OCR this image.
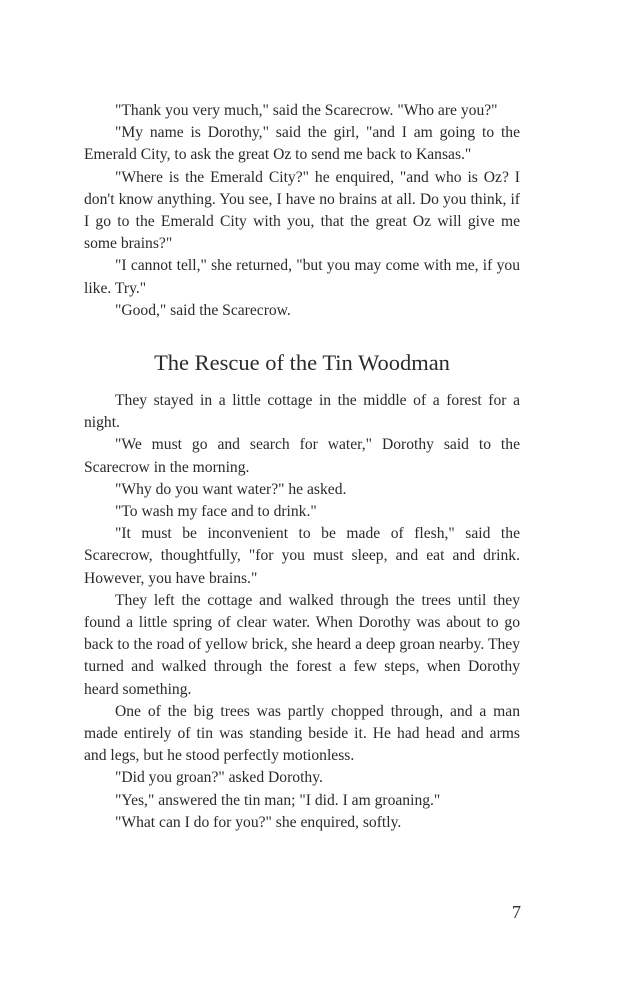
"Thank you very much," said the Scarecrow. "Who are you?"

"My name is Dorothy," said the girl, "and I am going to the Emerald City, to ask the great Oz to send me back to Kansas."

"Where is the Emerald City?" he enquired, "and who is Oz? I don't know anything. You see, I have no brains at all. Do you think, if I go to the Emerald City with you, that the great Oz will give me some brains?"

"I cannot tell," she returned, "but you may come with me, if you like. Try."

"Good," said the Scarecrow.

The Rescue of the Tin Woodman

They stayed in a little cottage in the middle of a forest for a night.

"We must go and search for water," Dorothy said to the Scarecrow in the morning.

"Why do you want water?" he asked.

"To wash my face and to drink."

"It must be inconvenient to be made of flesh," said the Scarecrow, thoughtfully, "for you must sleep, and eat and drink. However, you have brains."

They left the cottage and walked through the trees until they found a little spring of clear water. When Dorothy was about to go back to the road of yellow brick, she heard a deep groan nearby. They turned and walked through the forest a few steps, when Dorothy heard something.

One of the big trees was partly chopped through, and a man made entirely of tin was standing beside it. He had head and arms and legs, but he stood perfectly motionless.

"Did you groan?" asked Dorothy.

"Yes," answered the tin man; "I did. I am groaning."

"What can I do for you?" she enquired, softly.

7
